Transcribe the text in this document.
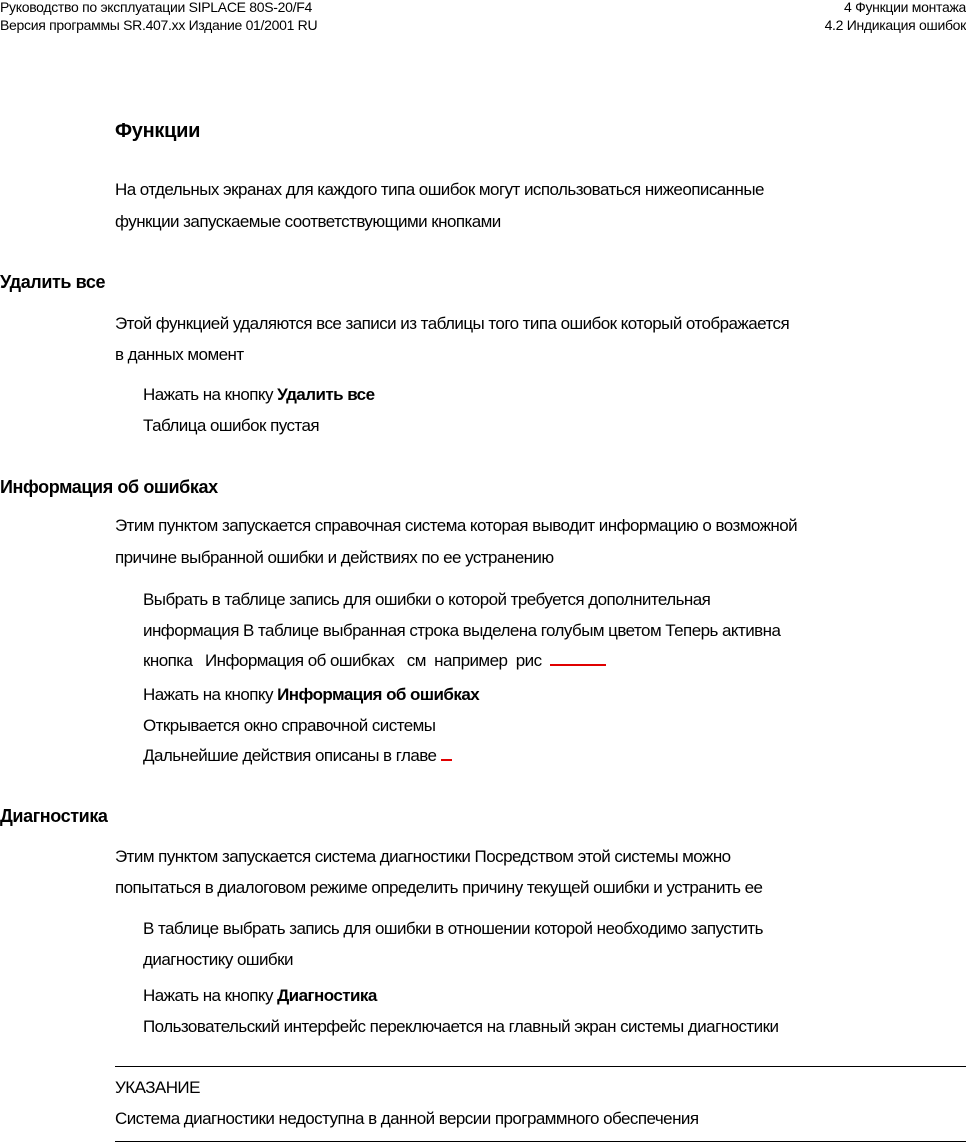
Руководство по эксплуатации SIPLACE 80S-20/F4
Версия программы SR.407.xx Издание 01/2001 RU
4 Функции монтажа
4.2 Индикация ошибок
Функции
На отдельных экранах для каждого типа ошибок могут использоваться нижеописанные
функции запускаемые соответствующими кнопками
Удалить все
Этой функцией удаляются все записи из таблицы того типа ошибок который отображается
в данных момент
Нажать на кнопку Удалить все
Таблица ошибок пустая
Информация об ошибках
Этим пунктом запускается справочная система которая выводит информацию о возможной
причине выбранной ошибки и действиях по ее устранению
Выбрать в таблице запись для ошибки о которой требуется дополнительная
информация В таблице выбранная строка выделена голубым цветом Теперь активна
кнопка   Информация об ошибках   см  например  рис
Нажать на кнопку Информация об ошибках
Открывается окно справочной системы
Дальнейшие действия описаны в главе
Диагностика
Этим пунктом запускается система диагностики Посредством этой системы можно
попытаться в диалоговом режиме определить причину текущей ошибки и устранить ее
В таблице выбрать запись для ошибки в отношении которой необходимо запустить
диагностику ошибки
Нажать на кнопку Диагностика
Пользовательский интерфейс переключается на главный экран системы диагностики
УКАЗАНИЕ
Система диагностики недоступна в данной версии программного обеспечения
